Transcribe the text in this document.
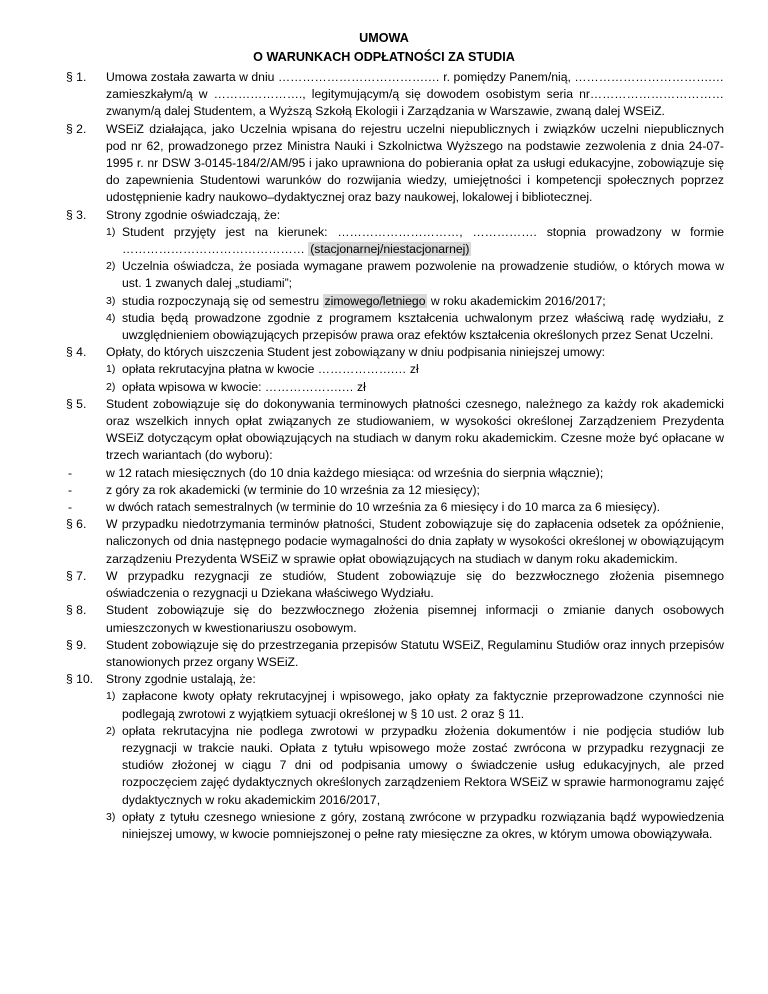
UMOWA
O WARUNKACH ODPŁATNOŚCI ZA STUDIA
§ 1.	Umowa została zawarta w dniu ……………………………….… r. pomiędzy Panem/nią, …………………………….… zamieszkałym/ą w …………………., legitymującym/ą się dowodem osobistym seria nr…………………………… zwanym/ą dalej Studentem, a Wyższą Szkołą Ekologii i Zarządzania w Warszawie, zwaną dalej WSEiZ.
§ 2.	WSEiZ działająca, jako Uczelnia wpisana do rejestru uczelni niepublicznych i związków uczelni niepublicznych pod nr 62, prowadzonego przez Ministra Nauki i Szkolnictwa Wyższego na podstawie zezwolenia z dnia 24-07-1995 r. nr DSW 3-0145-184/2/AM/95 i jako uprawniona do pobierania opłat za usługi edukacyjne, zobowiązuje się do zapewnienia Studentowi warunków do rozwijania wiedzy, umiejętności i kompetencji społecznych poprzez udostępnienie kadry naukowo–dydaktycznej oraz bazy naukowej, lokalowej i bibliotecznej.
§ 3.	Strony zgodnie oświadczają, że:
1) Student przyjęty jest na kierunek: …………………………, ……………. stopnia prowadzony w formie ……………………………………… (stacjonarnej/niestacjonarnej)
2) Uczelnia oświadcza, że posiada wymagane prawem pozwolenie na prowadzenie studiów, o których mowa w ust. 1 zwanych dalej „studiami”;
3) studia rozpoczynają się od semestru zimowego/letniego w roku akademickim 2016/2017;
4) studia będą prowadzone zgodnie z programem kształcenia uchwalonym przez właściwą radę wydziału, z uwzględnieniem obowiązujących przepisów prawa oraz efektów kształcenia określonych przez Senat Uczelni.
§ 4.	Opłaty, do których uiszczenia Student jest zobowiązany w dniu podpisania niniejszej umowy:
1) opłata rekrutacyjna płatna w kwocie ……………….… zł
2) opłata wpisowa w kwocie: ……………….… zł
§ 5.	Student zobowiązuje się do dokonywania terminowych płatności czesnego, należnego za każdy rok akademicki oraz wszelkich innych opłat związanych ze studiowaniem, w wysokości określonej Zarządzeniem Prezydenta WSEiZ dotyczącym opłat obowiązujących na studiach w danym roku akademickim. Czesne może być opłacane w trzech wariantach (do wyboru):
-	w 12 ratach miesięcznych (do 10 dnia każdego miesiąca: od września do sierpnia włącznie);
-	z góry za rok akademicki (w terminie do 10 września za 12 miesięcy);
-	w dwóch ratach semestralnych (w terminie do 10 września za 6 miesięcy i do 10 marca za 6 miesięcy).
§ 6.	W przypadku niedotrzymania terminów płatności, Student zobowiązuje się do zapłacenia odsetek za opóźnienie, naliczonych od dnia następnego podacie wymagalności do dnia zapłaty w wysokości określonej w obowiązującym zarządzeniu Prezydenta WSEiZ w sprawie opłat obowiązujących na studiach w danym roku akademickim.
§ 7.	W przypadku rezygnacji ze studiów, Student zobowiązuje się do bezzwłocznego złożenia pisemnego oświadczenia o rezygnacji u Dziekana właściwego Wydziału.
§ 8.	Student zobowiązuje się do bezzwłocznego złożenia pisemnej informacji o zmianie danych osobowych umieszczonych w kwestionariuszu osobowym.
§ 9.	Student zobowiązuje się do przestrzegania przepisów Statutu WSEiZ, Regulaminu Studiów oraz innych przepisów stanowionych przez organy WSEiZ.
§ 10.	Strony zgodnie ustalają, że:
1) zapłacone kwoty opłaty rekrutacyjnej i wpisowego, jako opłaty za faktycznie przeprowadzone czynności nie podlegają zwrotowi z wyjątkiem sytuacji określonej w § 10 ust. 2 oraz § 11.
2) opłata rekrutacyjna nie podlega zwrotowi w przypadku złożenia dokumentów i nie podjęcia studiów lub rezygnacji w trakcie nauki. Opłata z tytułu wpisowego może zostać zwrócona w przypadku rezygnacji ze studiów złożonej w ciągu 7 dni od podpisania umowy o świadczenie usług edukacyjnych, ale przed rozpoczęciem zajęć dydaktycznych określonych zarządzeniem Rektora WSEiZ w sprawie harmonogramu zajęć dydaktycznych w roku akademickim 2016/2017,
3) opłaty z tytułu czesnego wniesione z góry, zostaną zwrócone w przypadku rozwiązania bądź wypowiedzenia niniejszej umowy, w kwocie pomniejszonej o pełne raty miesięczne za okres, w którym umowa obowiązywała.
